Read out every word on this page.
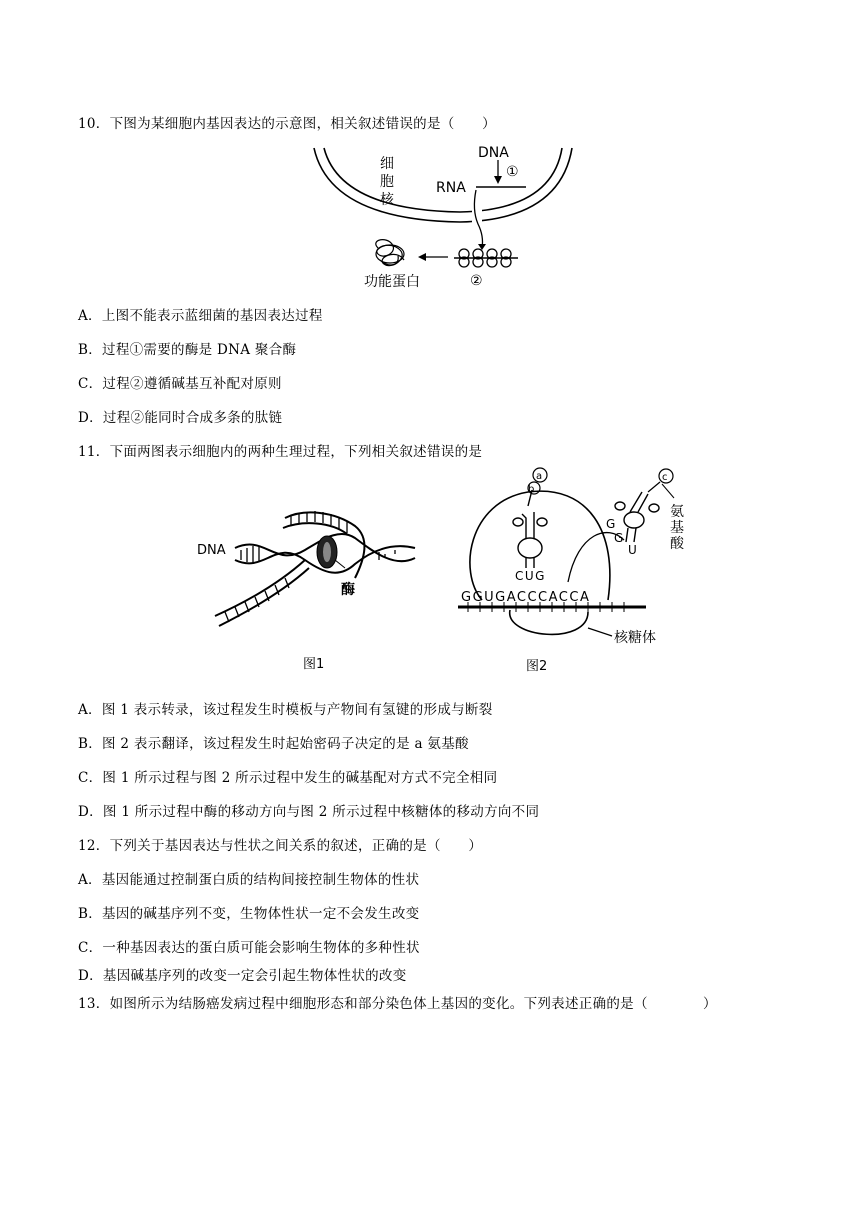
10．下图为某细胞内基因表达的示意图，相关叙述错误的是（　　）
细
胞
核
DNA
①
RNA
②
功能蛋白
A．上图不能表示蓝细菌的基因表达过程
B．过程①需要的酶是 DNA 聚合酶
C．过程②遵循碱基互补配对原则
D．过程②能同时合成多条的肽链
11．下面两图表示细胞内的两种生理过程，下列相关叙述错误的是
DNA
酶
图1
GGUGACCCACCA
CUG
a
b
c
G
G
U
氨
基
酸
核糖体
图2
A．图 1 表示转录，该过程发生时模板与产物间有氢键的形成与断裂
B．图 2 表示翻译，该过程发生时起始密码子决定的是 a 氨基酸
C．图 1 所示过程与图 2 所示过程中发生的碱基配对方式不完全相同
D．图 1 所示过程中酶的移动方向与图 2 所示过程中核糖体的移动方向不同
12．下列关于基因表达与性状之间关系的叙述，正确的是（　　）
A．基因能通过控制蛋白质的结构间接控制生物体的性状
B．基因的碱基序列不变，生物体性状一定不会发生改变
C．一种基因表达的蛋白质可能会影响生物体的多种性状
D．基因碱基序列的改变一定会引起生物体性状的改变
13．如图所示为结肠癌发病过程中细胞形态和部分染色体上基因的变化。下列表述正确的是（　　　　）
